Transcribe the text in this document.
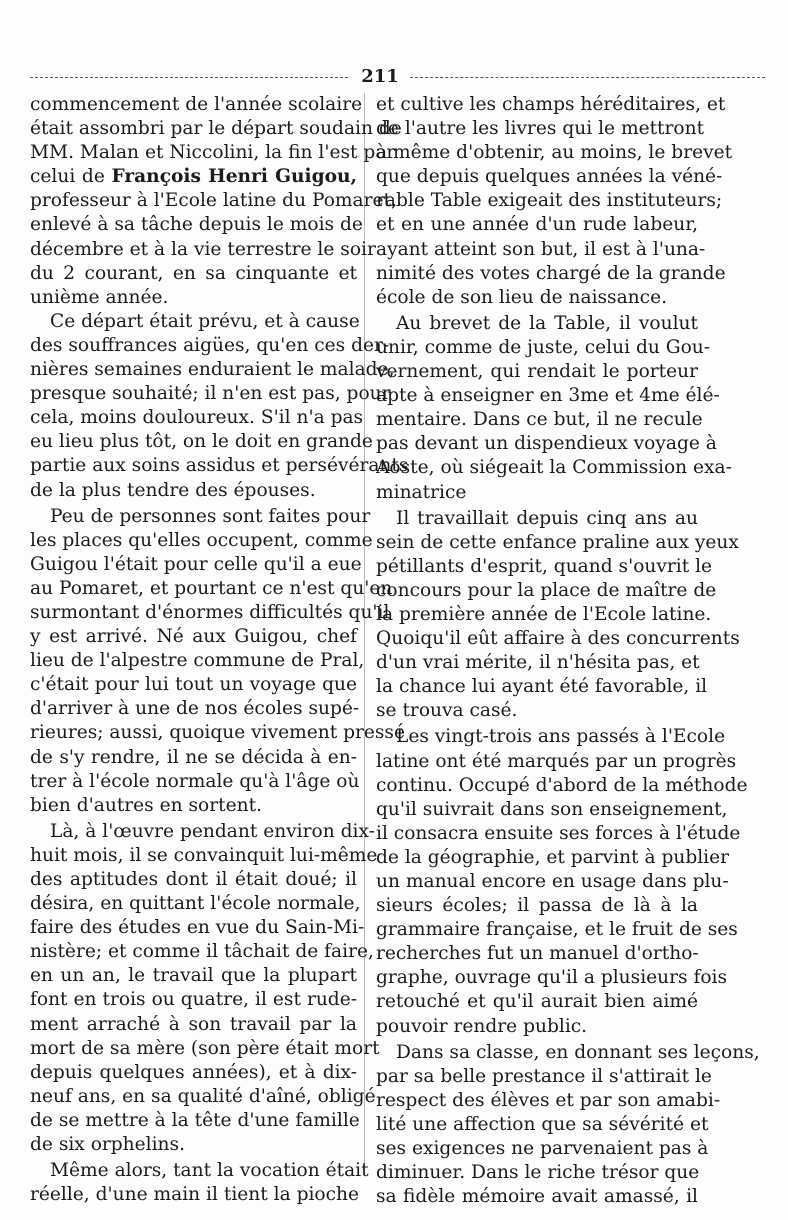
211

commencement de l'année scolaire
était assombri par le départ soudain de
MM. Malan et Niccolini, la fin l'est par
celui de François Henri Guigou,
professeur à l'Ecole latine du Pomaret,
enlevé à sa tâche depuis le mois de
décembre et à la vie terrestre le soir
du 2 courant, en sa cinquante et
unième année.

Ce départ était prévu, et à cause
des souffrances aigües, qu'en ces der-
nières semaines enduraient le malade,
presque souhaité; il n'en est pas, pour
cela, moins douloureux. S'il n'a pas
eu lieu plus tôt, on le doit en grande
partie aux soins assidus et persévérants
de la plus tendre des épouses.

Peu de personnes sont faites pour
les places qu'elles occupent, comme
Guigou l'était pour celle qu'il a eue
au Pomaret, et pourtant ce n'est qu'en
surmontant d'énormes difficultés qu'il
y est arrivé. Né aux Guigou, chef
lieu de l'alpestre commune de Pral,
c'était pour lui tout un voyage que
d'arriver à une de nos écoles supé-
rieures; aussi, quoique vivement pressé
de s'y rendre, il ne se décida à en-
trer à l'école normale qu'à l'âge où
bien d'autres en sortent.

Là, à l'œuvre pendant environ dix-
huit mois, il se convainquit lui-même
des aptitudes dont il était doué; il
désira, en quittant l'école normale,
faire des études en vue du Sain-Mi-
nistère; et comme il tâchait de faire,
en un an, le travail que la plupart
font en trois ou quatre, il est rude-
ment arraché à son travail par la
mort de sa mère (son père était mort
depuis quelques années), et à dix-
neuf ans, en sa qualité d'aîné, obligé
de se mettre à la tête d'une famille
de six orphelins.

Même alors, tant la vocation était
réelle, d'une main il tient la pioche

et cultive les champs héréditaires, et
de l'autre les livres qui le mettront
à même d'obtenir, au moins, le brevet
que depuis quelques années la véné-
rable Table exigeait des instituteurs;
et en une année d'un rude labeur,
ayant atteint son but, il est à l'una-
nimité des votes chargé de la grande
école de son lieu de naissance.

Au brevet de la Table, il voulut
unir, comme de juste, celui du Gou-
vernement, qui rendait le porteur
apte à enseigner en 3me et 4me élé-
mentaire. Dans ce but, il ne recule
pas devant un dispendieux voyage à
Aoste, où siégeait la Commission exa-
minatrice

Il travaillait depuis cinq ans au
sein de cette enfance praline aux yeux
pétillants d'esprit, quand s'ouvrit le
concours pour la place de maître de
la première année de l'Ecole latine.
Quoiqu'il eût affaire à des concurrents
d'un vrai mérite, il n'hésita pas, et
la chance lui ayant été favorable, il
se trouva casé.

Les vingt-trois ans passés à l'Ecole
latine ont été marqués par un progrès
continu. Occupé d'abord de la méthode
qu'il suivrait dans son enseignement,
il consacra ensuite ses forces à l'étude
de la géographie, et parvint à publier
un manual encore en usage dans plu-
sieurs écoles; il passa de là à la
grammaire française, et le fruit de ses
recherches fut un manuel d'ortho-
graphe, ouvrage qu'il a plusieurs fois
retouché et qu'il aurait bien aimé
pouvoir rendre public.

Dans sa classe, en donnant ses leçons,
par sa belle prestance il s'attirait le
respect des élèves et par son amabi-
lité une affection que sa sévérité et
ses exigences ne parvenaient pas à
diminuer. Dans le riche trésor que
sa fidèle mémoire avait amassé, il
